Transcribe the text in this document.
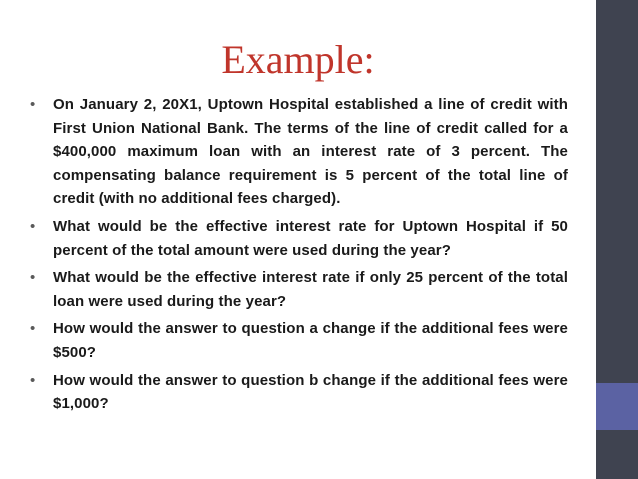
Example:
• On January 2, 20X1, Uptown Hospital established a line of credit with First Union National Bank. The terms of the line of credit called for a $400,000 maximum loan with an interest rate of 3 percent. The compensating balance requirement is 5 percent of the total line of credit (with no additional fees charged).
• What would be the effective interest rate for Uptown Hospital if 50 percent of the total amount were used during the year?
• What would be the effective interest rate if only 25 percent of the total loan were used during the year?
• How would the answer to question a change if the additional fees were $500?
• How would the answer to question b change if the additional fees were $1,000?
